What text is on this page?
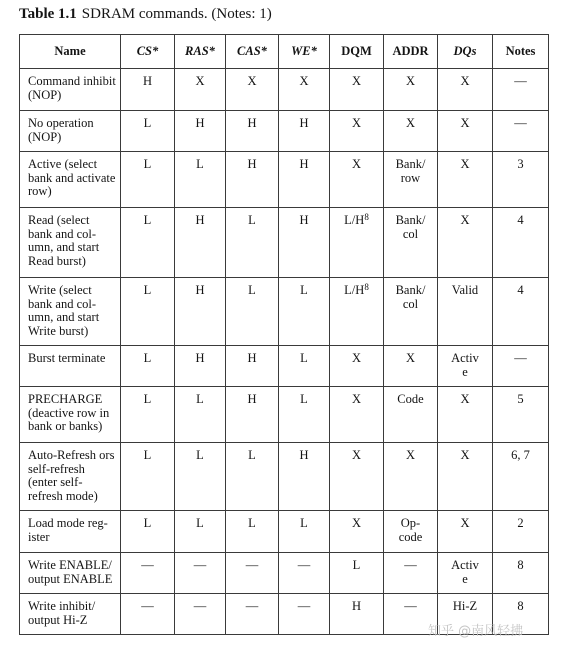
Table 1.1 SDRAM commands. (Notes: 1)
Name	CS*	RAS*	CAS*	WE*	DQM	ADDR	DQs	Notes
Command inhibit (NOP)	H	X	X	X	X	X	X	—
No operation (NOP)	L	H	H	H	X	X	X	—
Active (select bank and activate row)	L	L	H	H	X	Bank/ row	X	3
Read (select bank and col- umn, and start Read burst)	L	H	L	H	L/H$^8$	Bank/ col	X	4
Write (select bank and col- umn, and start Write burst)	L	H	L	L	L/H$^8$	Bank/ col	Valid	4
Burst terminate	L	H	H	L	X	X	Activ e	—
PRECHARGE (deactive row in bank or banks)	L	L	H	L	X	Code	X	5
Auto-Refresh ors self-refresh (enter self- refresh mode)	L	L	L	H	X	X	X	6, 7
Load mode reg- ister	L	L	L	L	X	Op- code	X	2
Write ENABLE/ output ENABLE	—	—	—	—	L	—	Activ e	8
Write inhibit/ output Hi-Z	—	—	—	—	H	—	Hi-Z	8
知乎 @南风轻拂
